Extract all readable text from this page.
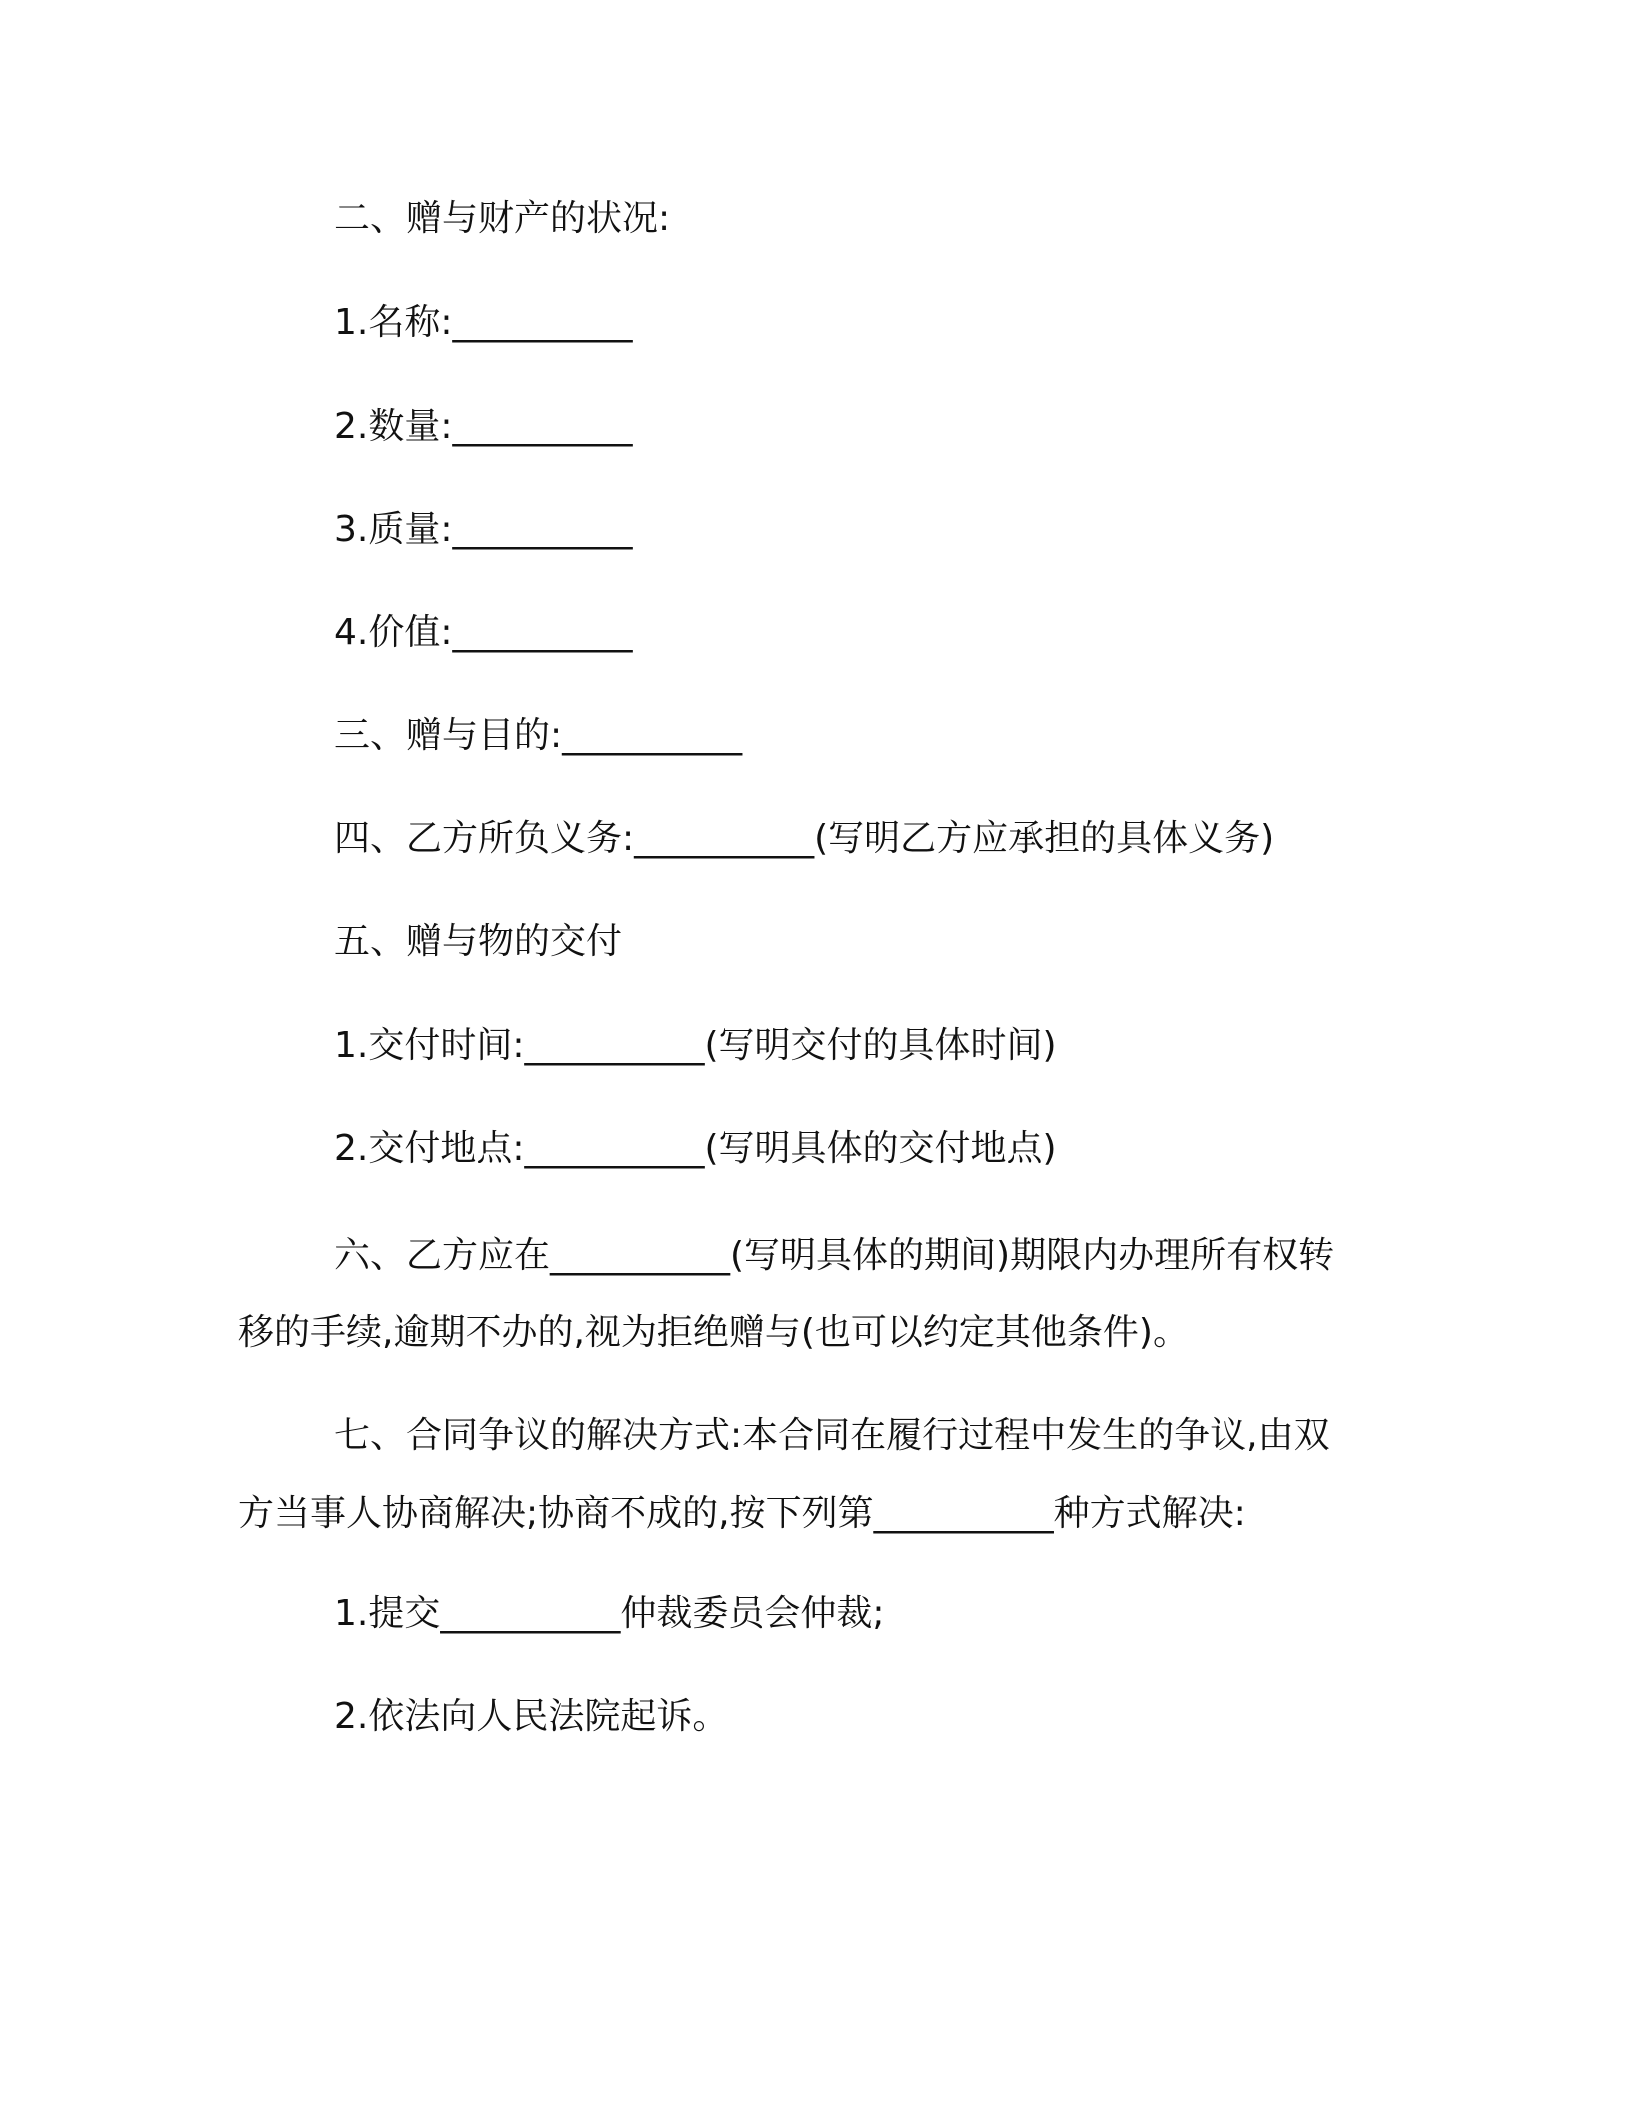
二、赠与财产的状况:
1.名称:__________
2.数量:__________
3.质量:__________
4.价值:__________
三、赠与目的:__________
四、乙方所负义务:__________(写明乙方应承担的具体义务)
五、赠与物的交付
1.交付时间:__________(写明交付的具体时间)
2.交付地点:__________(写明具体的交付地点)
六、乙方应在__________(写明具体的期间)期限内办理所有权转
移的手续,逾期不办的,视为拒绝赠与(也可以约定其他条件)。
七、合同争议的解决方式:本合同在履行过程中发生的争议,由双
方当事人协商解决;协商不成的,按下列第__________种方式解决:
1.提交__________仲裁委员会仲裁;
2.依法向人民法院起诉。
